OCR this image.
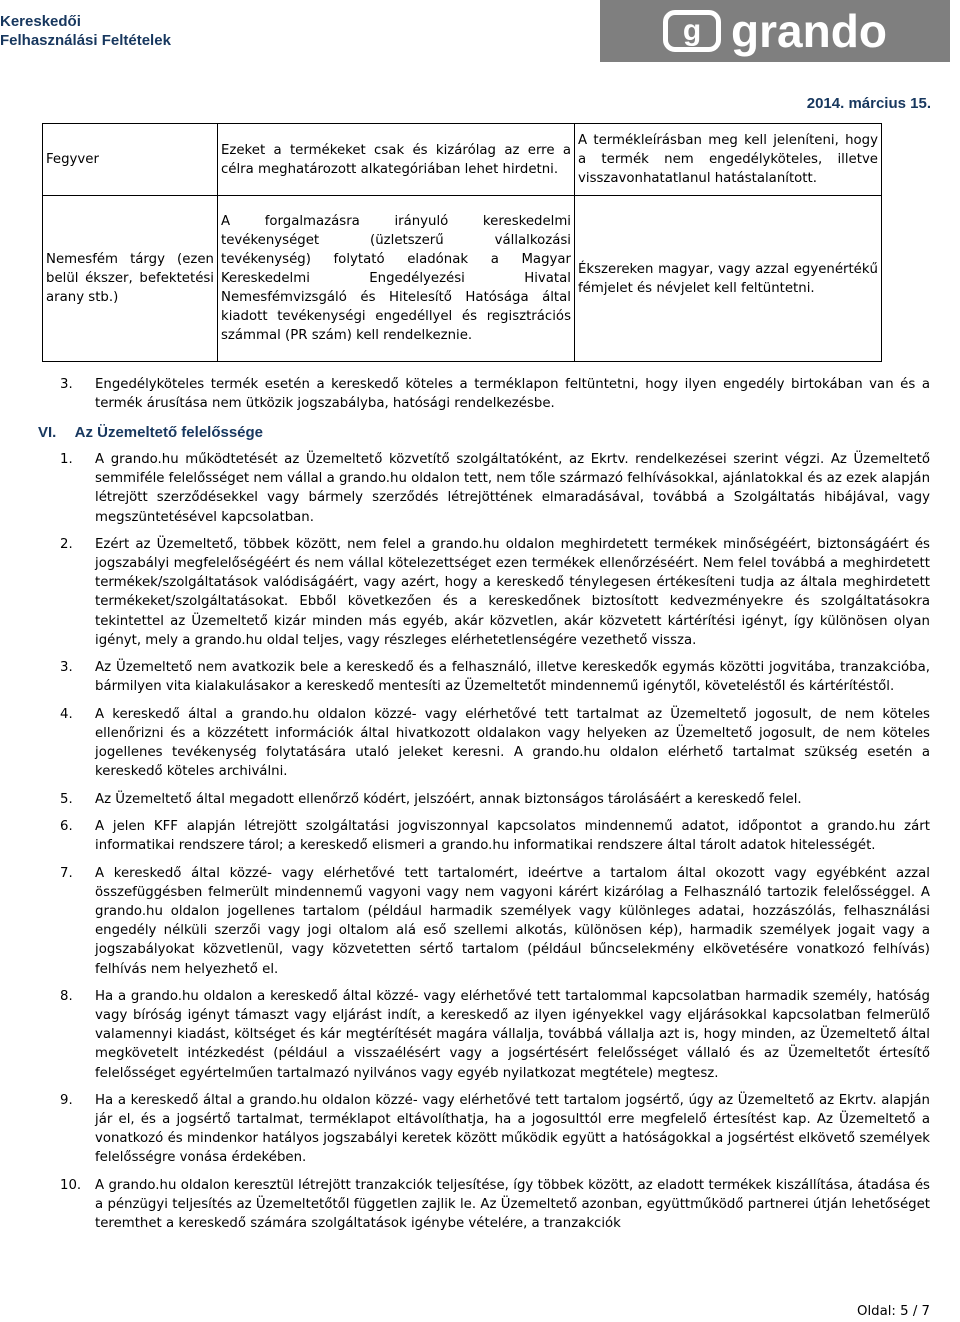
Kereskedői
Felhasználási Feltételek	g grando
2014. március 15.
Fegyver	Ezeket a termékeket csak és kizárólag az erre a célra meghatározott alkategóriában lehet hirdetni.	A termékleírásban meg kell jeleníteni, hogy a termék nem engedélyköteles, illetve visszavonhatatlanul hatástalanított.
Nemesfém tárgy (ezen belül ékszer, befektetési arany stb.)	A forgalmazásra irányuló kereskedelmi tevékenységet (üzletszerű vállalkozási tevékenység) folytató eladónak a Magyar Kereskedelmi Engedélyezési Hivatal Nemesfémvizsgáló és Hitelesítő Hatósága által kiadott tevékenységi engedéllyel és regisztrációs számmal (PR szám) kell rendelkeznie.	Ékszereken magyar, vagy azzal egyenértékű fémjelet és névjelet kell feltüntetni.
3.	Engedélyköteles termék esetén a kereskedő köteles a terméklapon feltüntetni, hogy ilyen engedély birtokában van és a termék árusítása nem ütközik jogszabályba, hatósági rendelkezésbe.
VI. Az Üzemeltető felelőssége
1.	A grando.hu működtetését az Üzemeltető közvetítő szolgáltatóként, az Ekrtv. rendelkezései szerint végzi. Az Üzemeltető semmiféle felelősséget nem vállal a grando.hu oldalon tett, nem tőle származó felhívásokkal, ajánlatokkal és az ezek alapján létrejött szerződésekkel vagy bármely szerződés létrejöttének elmaradásával, továbbá a Szolgáltatás hibájával, vagy megszüntetésével kapcsolatban.
2.	Ezért az Üzemeltető, többek között, nem felel a grando.hu oldalon meghirdetett termékek minőségéért, biztonságáért és jogszabályi megfelelőségéért és nem vállal kötelezettséget ezen termékek ellenőrzéséért. Nem felel továbbá a meghirdetett termékek/szolgáltatások valódiságáért, vagy azért, hogy a kereskedő ténylegesen értékesíteni tudja az általa meghirdetett termékeket/szolgáltatásokat. Ebből következően és a kereskedőnek biztosított kedvezményekre és szolgáltatásokra tekintettel az Üzemeltető kizár minden más egyéb, akár közvetlen, akár közvetett kártérítési igényt, így különösen olyan igényt, mely a grando.hu oldal teljes, vagy részleges elérhetetlenségére vezethető vissza.
3.	Az Üzemeltető nem avatkozik bele a kereskedő és a felhasználó, illetve kereskedők egymás közötti jogvitába, tranzakcióba, bármilyen vita kialakulásakor a kereskedő mentesíti az Üzemeltetőt mindennemű igénytől, követeléstől és kártérítéstől.
4.	A kereskedő által a grando.hu oldalon közzé- vagy elérhetővé tett tartalmat az Üzemeltető jogosult, de nem köteles ellenőrizni és a közzétett információk által hivatkozott oldalakon vagy helyeken az Üzemeltető jogosult, de nem köteles jogellenes tevékenység folytatására utaló jeleket keresni. A grando.hu oldalon elérhető tartalmat szükség esetén a kereskedő köteles archiválni.
5.	Az Üzemeltető által megadott ellenőrző kódért, jelszóért, annak biztonságos tárolásáért a kereskedő felel.
6.	A jelen KFF alapján létrejött szolgáltatási jogviszonnyal kapcsolatos mindennemű adatot, időpontot a grando.hu zárt informatikai rendszere tárol; a kereskedő elismeri a grando.hu informatikai rendszere által tárolt adatok hitelességét.
7.	A kereskedő által közzé- vagy elérhetővé tett tartalomért, ideértve a tartalom által okozott vagy egyébként azzal összefüggésben felmerült mindennemű vagyoni vagy nem vagyoni kárért kizárólag a Felhasználó tartozik felelősséggel. A grando.hu oldalon jogellenes tartalom (például harmadik személyek vagy különleges adatai, hozzászólás, felhasználási engedély nélküli szerzői vagy jogi oltalom alá eső szellemi alkotás, különösen kép), harmadik személyek jogait vagy a jogszabályokat közvetlenül, vagy közvetetten sértő tartalom (például bűncselekmény elkövetésére vonatkozó felhívás) felhívás nem helyezhető el.
8.	Ha a grando.hu oldalon a kereskedő által közzé- vagy elérhetővé tett tartalommal kapcsolatban harmadik személy, hatóság vagy bíróság igényt támaszt vagy eljárást indít, a kereskedő az ilyen igényekkel vagy eljárásokkal kapcsolatban felmerülő valamennyi kiadást, költséget és kár megtérítését magára vállalja, továbbá vállalja azt is, hogy minden, az Üzemeltető által megkövetelt intézkedést (például a visszaélésért vagy a jogsértésért felelősséget vállaló és az Üzemeltetőt értesítő felelősséget egyértelműen tartalmazó nyilvános vagy egyéb nyilatkozat megtétele) megtesz.
9.	Ha a kereskedő által a grando.hu oldalon közzé- vagy elérhetővé tett tartalom jogsértő, úgy az Üzemeltető az Ekrtv. alapján jár el, és a jogsértő tartalmat, terméklapot eltávolíthatja, ha a jogosulttól erre megfelelő értesítést kap. Az Üzemeltető a vonatkozó és mindenkor hatályos jogszabályi keretek között működik együtt a hatóságokkal a jogsértést elkövető személyek felelősségre vonása érdekében.
10.	A grando.hu oldalon keresztül létrejött tranzakciók teljesítése, így többek között, az eladott termékek kiszállítása, átadása és a pénzügyi teljesítés az Üzemeltetőtől független zajlik le. Az Üzemeltető azonban, együttműködő partnerei útján lehetőséget teremthet a kereskedő számára szolgáltatások igénybe vételére, a tranzakciók
Oldal: 5 / 7
